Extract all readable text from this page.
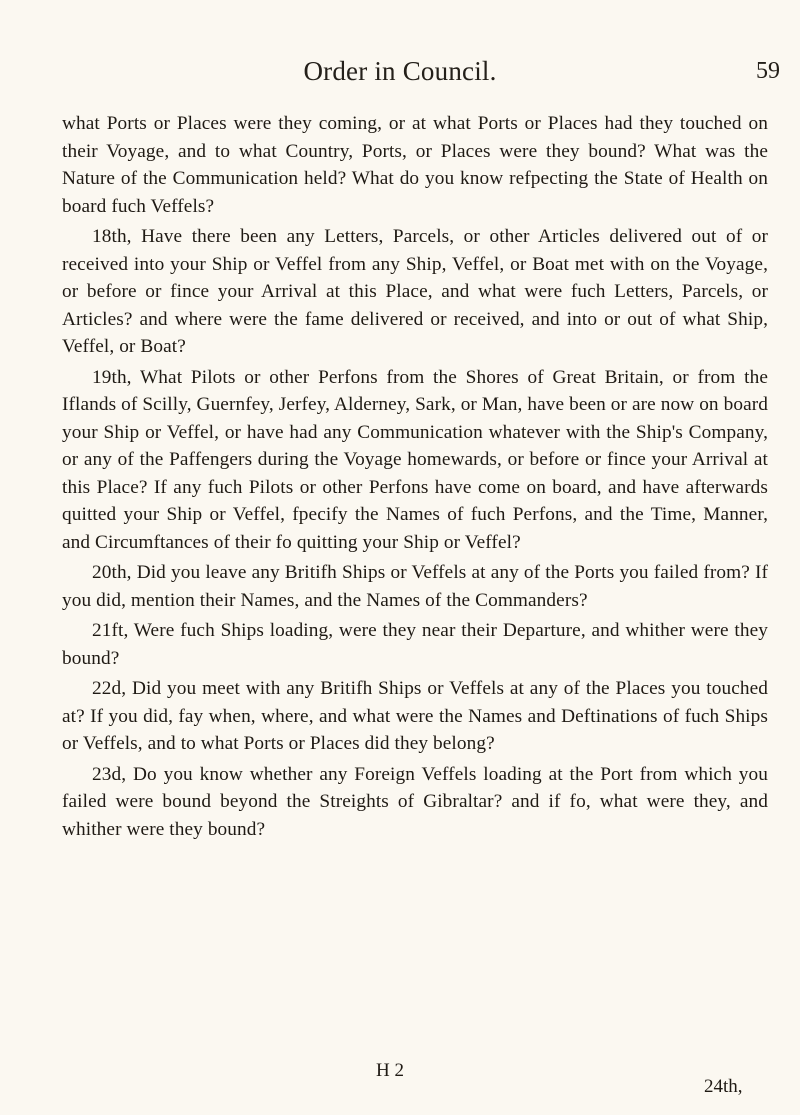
Order in Council.	59

what Ports or Places were they coming, or at what Ports or Places had they touched on their Voyage, and to what Country, Ports, or Places were they bound? What was the Nature of the Communication held? What do you know refpecting the State of Health on board fuch Veffels?

18th, Have there been any Letters, Parcels, or other Articles delivered out of or received into your Ship or Veffel from any Ship, Veffel, or Boat met with on the Voyage, or before or fince your Arrival at this Place, and what were fuch Letters, Parcels, or Articles? and where were the fame delivered or received, and into or out of what Ship, Veffel, or Boat?

19th, What Pilots or other Perfons from the Shores of Great Britain, or from the Iflands of Scilly, Guernfey, Jerfey, Alderney, Sark, or Man, have been or are now on board your Ship or Veffel, or have had any Communication whatever with the Ship's Company, or any of the Paffengers during the Voyage homewards, or before or fince your Arrival at this Place? If any fuch Pilots or other Perfons have come on board, and have afterwards quitted your Ship or Veffel, fpecify the Names of fuch Perfons, and the Time, Manner, and Circumftances of their fo quitting your Ship or Veffel?

20th, Did you leave any Britifh Ships or Veffels at any of the Ports you failed from? If you did, mention their Names, and the Names of the Commanders?

21ft, Were fuch Ships loading, were they near their Departure, and whither were they bound?

22d, Did you meet with any Britifh Ships or Veffels at any of the Places you touched at? If you did, fay when, where, and what were the Names and Deftinations of fuch Ships or Veffels, and to what Ports or Places did they belong?

23d, Do you know whether any Foreign Veffels loading at the Port from which you failed were bound beyond the Streights of Gibraltar? and if fo, what were they, and whither were they bound?

H 2
24th,
